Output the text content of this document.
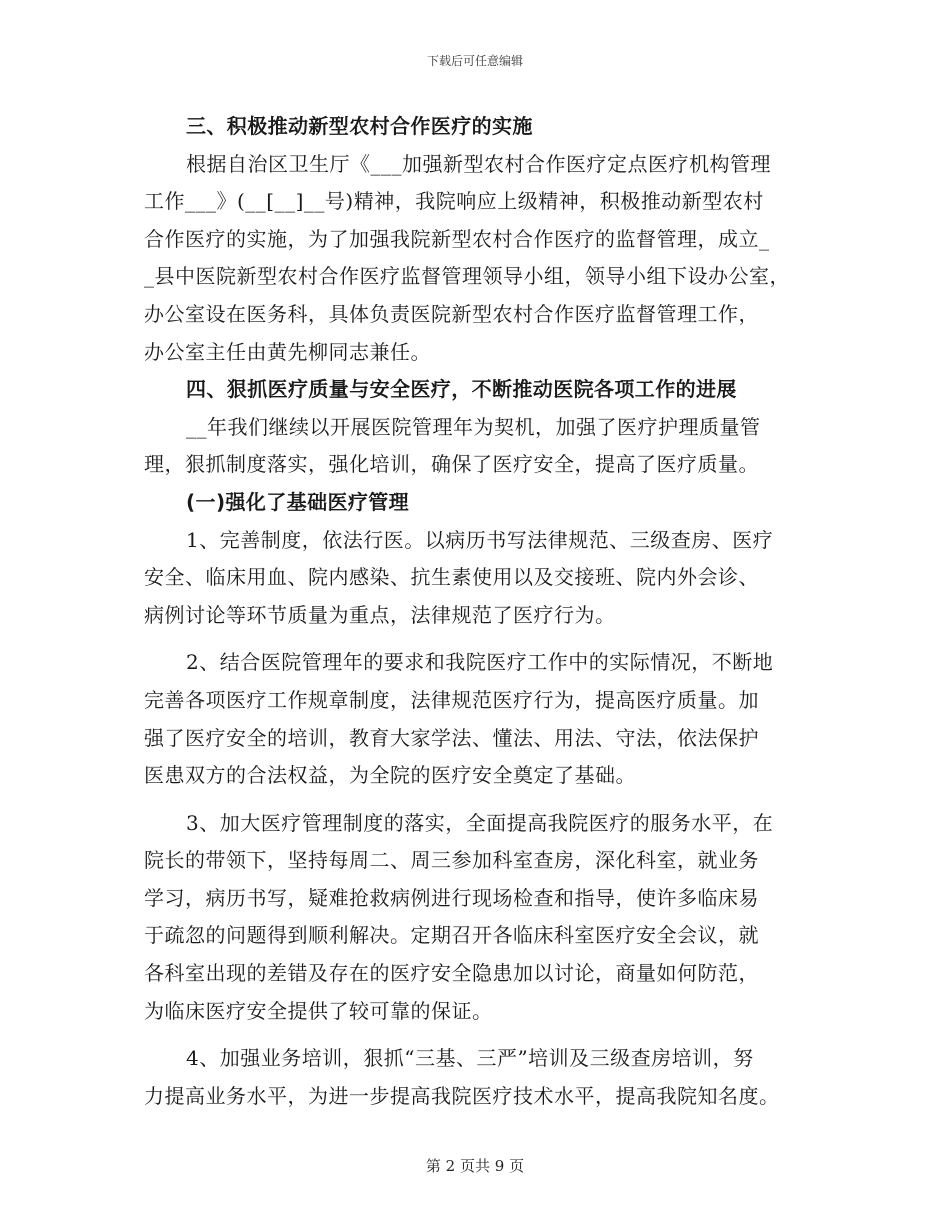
下载后可任意编辑
三、积极推动新型农村合作医疗的实施
根据自治区卫生厅《___加强新型农村合作医疗定点医疗机构管理
工作___》(__[__]__号)精神，我院响应上级精神，积极推动新型农村
合作医疗的实施，为了加强我院新型农村合作医疗的监督管理，成立_
_县中医院新型农村合作医疗监督管理领导小组，领导小组下设办公室，
办公室设在医务科，具体负责医院新型农村合作医疗监督管理工作，
办公室主任由黄先柳同志兼任。
四、狠抓医疗质量与安全医疗，不断推动医院各项工作的进展
__年我们继续以开展医院管理年为契机，加强了医疗护理质量管
理，狠抓制度落实，强化培训，确保了医疗安全，提高了医疗质量。
(一)强化了基础医疗管理
1、完善制度，依法行医。以病历书写法律规范、三级查房、医疗
安全、临床用血、院内感染、抗生素使用以及交接班、院内外会诊、
病例讨论等环节质量为重点，法律规范了医疗行为。
2、结合医院管理年的要求和我院医疗工作中的实际情况，不断地
完善各项医疗工作规章制度，法律规范医疗行为，提高医疗质量。加
强了医疗安全的培训，教育大家学法、懂法、用法、守法，依法保护
医患双方的合法权益，为全院的医疗安全奠定了基础。
3、加大医疗管理制度的落实，全面提高我院医疗的服务水平，在
院长的带领下，坚持每周二、周三参加科室查房，深化科室，就业务
学习，病历书写，疑难抢救病例进行现场检查和指导，使许多临床易
于疏忽的问题得到顺利解决。定期召开各临床科室医疗安全会议，就
各科室出现的差错及存在的医疗安全隐患加以讨论，商量如何防范，
为临床医疗安全提供了较可靠的保证。
4、加强业务培训，狠抓“三基、三严”培训及三级查房培训，努
力提高业务水平，为进一步提高我院医疗技术水平，提高我院知名度。
第 2 页共 9 页
